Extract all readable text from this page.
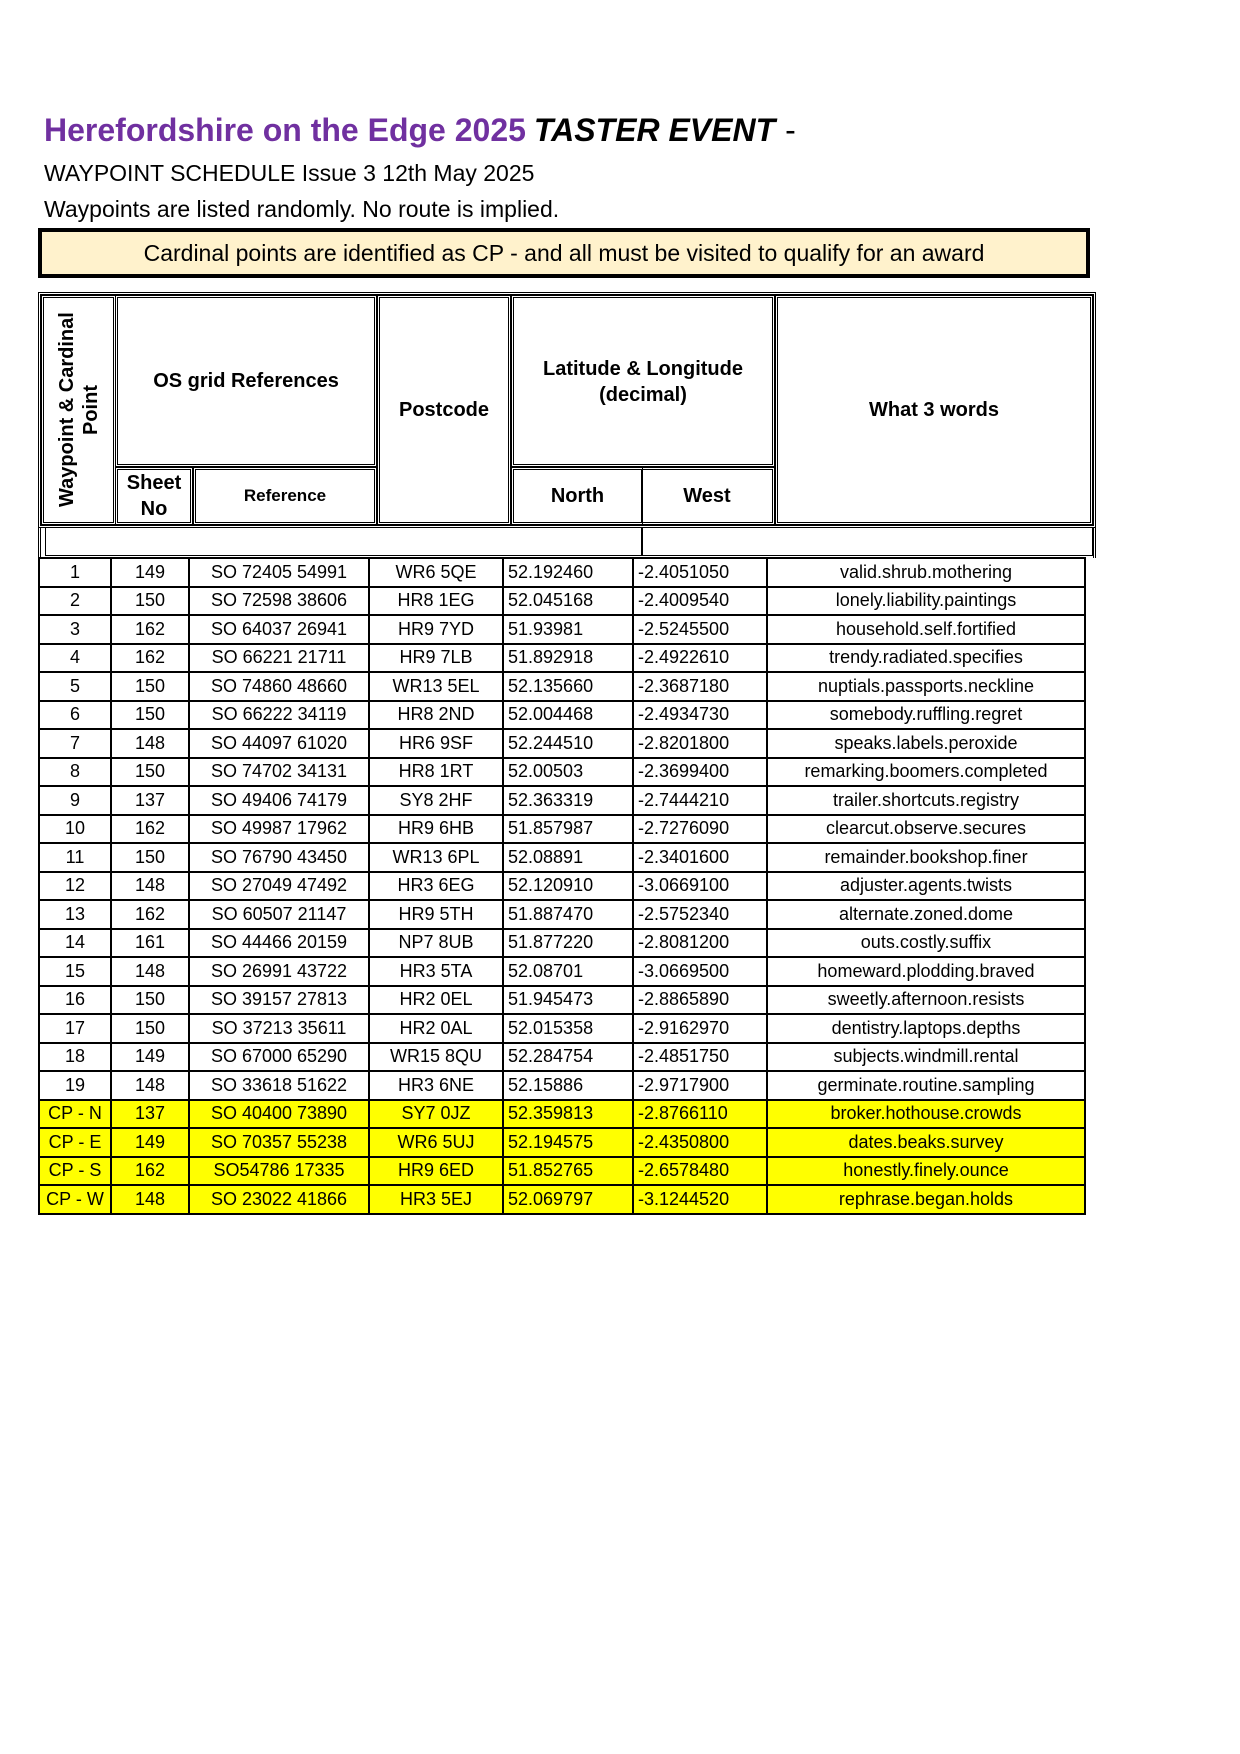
Herefordshire on the Edge 2025 TASTER EVENT -
WAYPOINT SCHEDULE Issue 3 12th May 2025
Waypoints are listed randomly. No route is implied.
Cardinal points are identified as CP - and all must be visited to qualify for an award
Waypoint & Cardinal Point
OS grid References
Sheet No
Reference
Postcode
Latitude & Longitude (decimal)
North	West
What 3 words
1	149	SO 72405 54991	WR6 5QE	52.192460	-2.4051050	valid.shrub.mothering
2	150	SO 72598 38606	HR8 1EG	52.045168	-2.4009540	lonely.liability.paintings
3	162	SO 64037 26941	HR9 7YD	51.93981	-2.5245500	household.self.fortified
4	162	SO 66221 21711	HR9 7LB	51.892918	-2.4922610	trendy.radiated.specifies
5	150	SO 74860 48660	WR13 5EL	52.135660	-2.3687180	nuptials.passports.neckline
6	150	SO 66222 34119	HR8 2ND	52.004468	-2.4934730	somebody.ruffling.regret
7	148	SO 44097 61020	HR6 9SF	52.244510	-2.8201800	speaks.labels.peroxide
8	150	SO 74702 34131	HR8 1RT	52.00503	-2.3699400	remarking.boomers.completed
9	137	SO 49406 74179	SY8 2HF	52.363319	-2.7444210	trailer.shortcuts.registry
10	162	SO 49987 17962	HR9 6HB	51.857987	-2.7276090	clearcut.observe.secures
11	150	SO 76790 43450	WR13 6PL	52.08891	-2.3401600	remainder.bookshop.finer
12	148	SO 27049 47492	HR3 6EG	52.120910	-3.0669100	adjuster.agents.twists
13	162	SO 60507 21147	HR9 5TH	51.887470	-2.5752340	alternate.zoned.dome
14	161	SO 44466 20159	NP7 8UB	51.877220	-2.8081200	outs.costly.suffix
15	148	SO 26991 43722	HR3 5TA	52.08701	-3.0669500	homeward.plodding.braved
16	150	SO 39157 27813	HR2 0EL	51.945473	-2.8865890	sweetly.afternoon.resists
17	150	SO 37213 35611	HR2 0AL	52.015358	-2.9162970	dentistry.laptops.depths
18	149	SO 67000 65290	WR15 8QU	52.284754	-2.4851750	subjects.windmill.rental
19	148	SO 33618 51622	HR3 6NE	52.15886	-2.9717900	germinate.routine.sampling
CP - N	137	SO 40400 73890	SY7 0JZ	52.359813	-2.8766110	broker.hothouse.crowds
CP - E	149	SO 70357 55238	WR6 5UJ	52.194575	-2.4350800	dates.beaks.survey
CP - S	162	SO54786 17335	HR9 6ED	51.852765	-2.6578480	honestly.finely.ounce
CP - W	148	SO 23022 41866	HR3 5EJ	52.069797	-3.1244520	rephrase.began.holds
